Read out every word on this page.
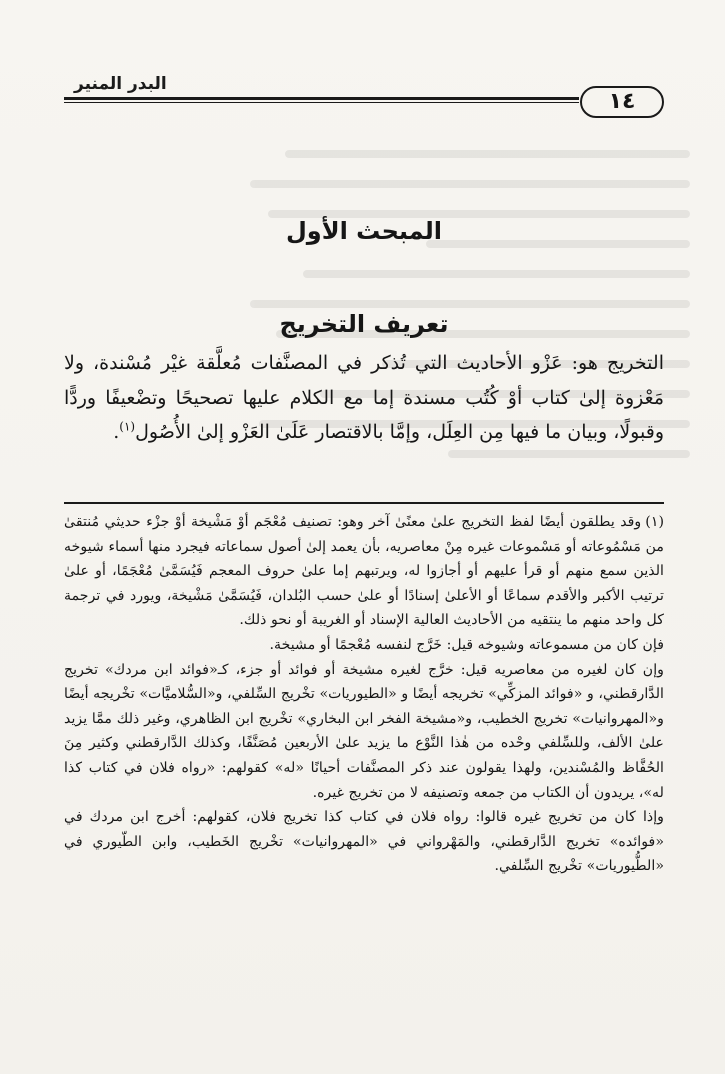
البدر المنير
١٤
المبحث الأول
تعريف التخريج

التخريج هو: عَزْو الأحاديث التي تُذكر في المصنَّفات مُعلَّقة غيْر مُسْندة، ولا مَعْزوة إلىٰ كتاب أوْ كُتُب مسندة إما مع الكلام عليها تصحيحًا وتضْعيفًا وردًّا وقبولًا، وبيان ما فيها مِن العِلَل، وإمَّا بالاقتصار عَلَىٰ العَزْو إلىٰ الأُصُول$^{(١)}$.

(١)وقد يطلقون أيضًا لفظ التخريج علىٰ معنًىٰ آخر وهو: تصنيف مُعْجَم أوْ مَشْيخة أوْ جزْء حديثي مُنتقىٰ من مَسْمُوعاته أو مَسْموعات غيره مِنْ معاصريه، بأن يعمد إلىٰ أصول سماعاته فيجرد منها أسماء شيوخه الذين سمع منهم أو قرأ عليهم أو أجازوا له، ويرتبهم إما علىٰ حروف المعجم فَيُسَمَّىٰ مُعْجَمًا، أو علىٰ ترتيب الأكبر والأقدم سماعًا أو الأعلىٰ إسنادًا أو علىٰ حسب البُلدان، فَيُسَمَّىٰ مَشْيخة، ويورد في ترجمة كل واحد منهم ما ينتقيه من الأحاديث العالية الإسناد أو الغريبة أو نحو ذلك.

فإن كان من مسموعاته وشيوخه قيل: خَرَّج لنفسه مُعْجمًا أو مشيخة.

وإن كان لغيره من معاصريه قيل: خرَّج لغيره مشيخة أو فوائد أو جزء، كـ«فوائد ابن مردك» تخريج الدَّارقطني، و «فوائد المزكِّي» تخريجه أيضًا و «الطيوريات» تخْريج السِّلفي، و«السُّلاميَّات» تخْريجه أيضًا و«المهروانيات» تخريج الخطيب، و«مشيخة الفخر ابن البخاري» تخْريج ابن الظاهري، وغير ذلك ممَّا يزيد علىٰ الألف، وللسِّلفي وحْده من هٰذا النَّوْع ما يزيد علىٰ الأربعين مُصَنَّفًا، وكذلك الدَّارقطني وكثير مِنَ الحُفَّاظ والمُسْندين، ولهذا يقولون عند ذكر المصنَّفات أحيانًا «له» كقولهم: «رواه فلان في كتاب كذا له»، يريدون أن الكتاب من جمعه وتصنيفه لا من تخريج غيره.

وإذا كان من تخريج غيره قالوا: رواه فلان في كتاب كذا تخريج فلان، كقولهم: أخرج ابن مردك في «فوائده» تخريج الدَّارقطني، والمَهْرواني في «المهروانيات» تخْريج الخَطيب، وابن الطّيوري في «الطُّيوريات» تخْريج السِّلفي.
